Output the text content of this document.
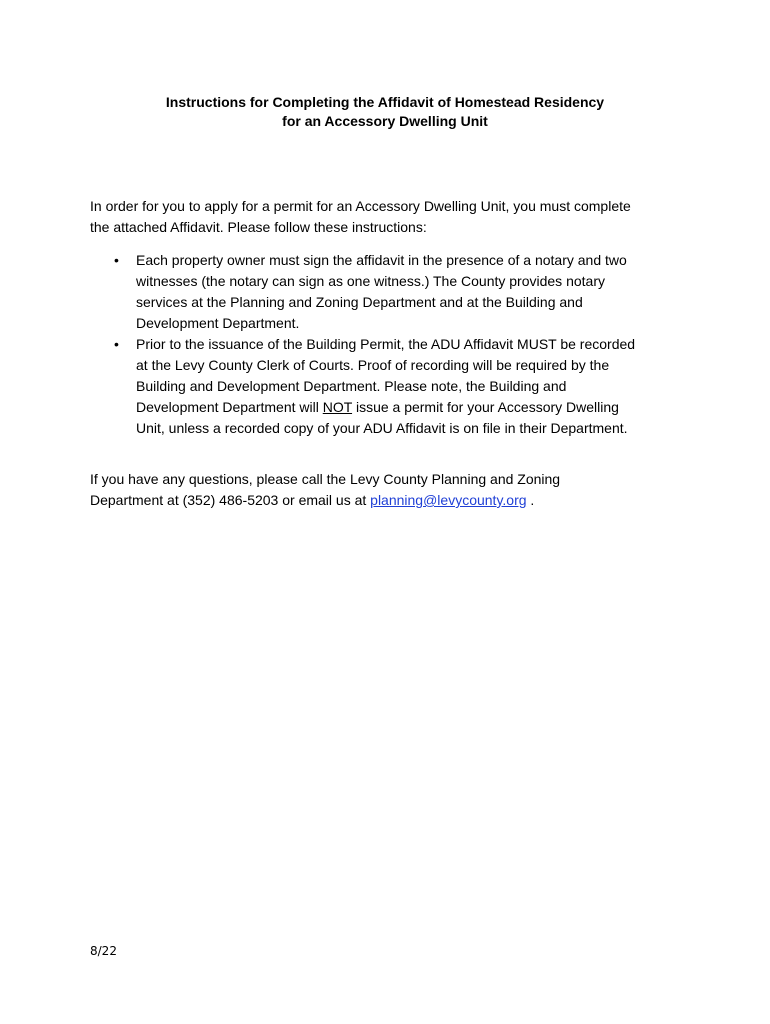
Instructions for Completing the Affidavit of Homestead Residency
for an Accessory Dwelling Unit

In order for you to apply for a permit for an Accessory Dwelling Unit, you must complete
the attached Affidavit. Please follow these instructions:

• Each property owner must sign the affidavit in the presence of a notary and two
witnesses (the notary can sign as one witness.) The County provides notary
services at the Planning and Zoning Department and at the Building and
Development Department.
• Prior to the issuance of the Building Permit, the ADU Affidavit MUST be recorded
at the Levy County Clerk of Courts. Proof of recording will be required by the
Building and Development Department. Please note, the Building and
Development Department will NOT issue a permit for your Accessory Dwelling
Unit, unless a recorded copy of your ADU Affidavit is on file in their Department.

If you have any questions, please call the Levy County Planning and Zoning
Department at (352) 486-5203 or email us at planning@levycounty.org .

8/22
